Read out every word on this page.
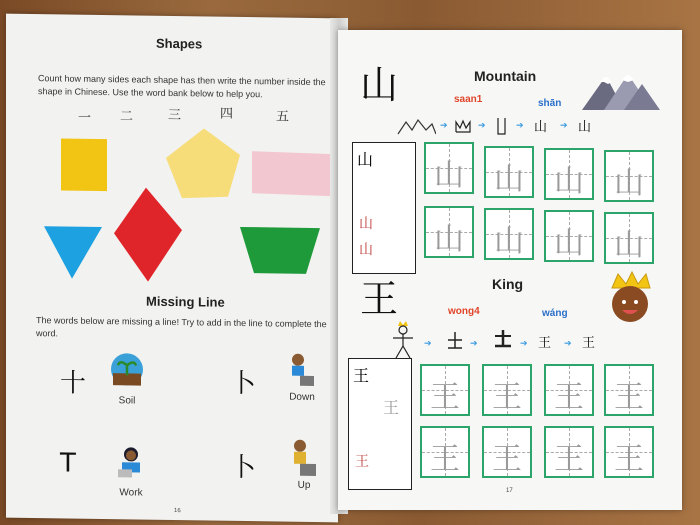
Shapes
Count how many sides each shape has then write the number inside the shape in Chinese. Use the word bank below to help you.
一 二	三	四	五
Missing Line
The words below are missing a line! Try to add in the line to complete the word.
十
Soil
卜	Down
T
Work
卜
Up
16
山	Mountain
saan1	shān
➔	➔	➔ 山 ➔ 山
山
山
山
山 山 山 山
山 山 山 山
王	King
wong4	wáng
➔	➔	➔ 王 ➔ 王
王
王
王
王 王 王 王
王 王 王 王
17
